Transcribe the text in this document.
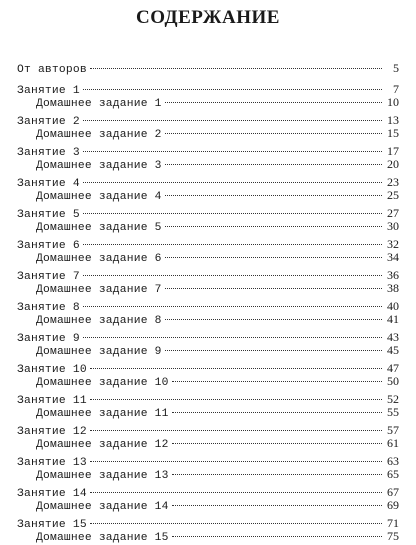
СОДЕРЖАНИЕ
От авторов	5
Занятие 1	7
Домашнее задание 1	10
Занятие 2	13
Домашнее задание 2	15
Занятие 3	17
Домашнее задание 3	20
Занятие 4	23
Домашнее задание 4	25
Занятие 5	27
Домашнее задание 5	30
Занятие 6	32
Домашнее задание 6	34
Занятие 7	36
Домашнее задание 7	38
Занятие 8	40
Домашнее задание 8	41
Занятие 9	43
Домашнее задание 9	45
Занятие 10	47
Домашнее задание 10	50
Занятие 11	52
Домашнее задание 11	55
Занятие 12	57
Домашнее задание 12	61
Занятие 13	63
Домашнее задание 13	65
Занятие 14	67
Домашнее задание 14	69
Занятие 15	71
Домашнее задание 15	75
